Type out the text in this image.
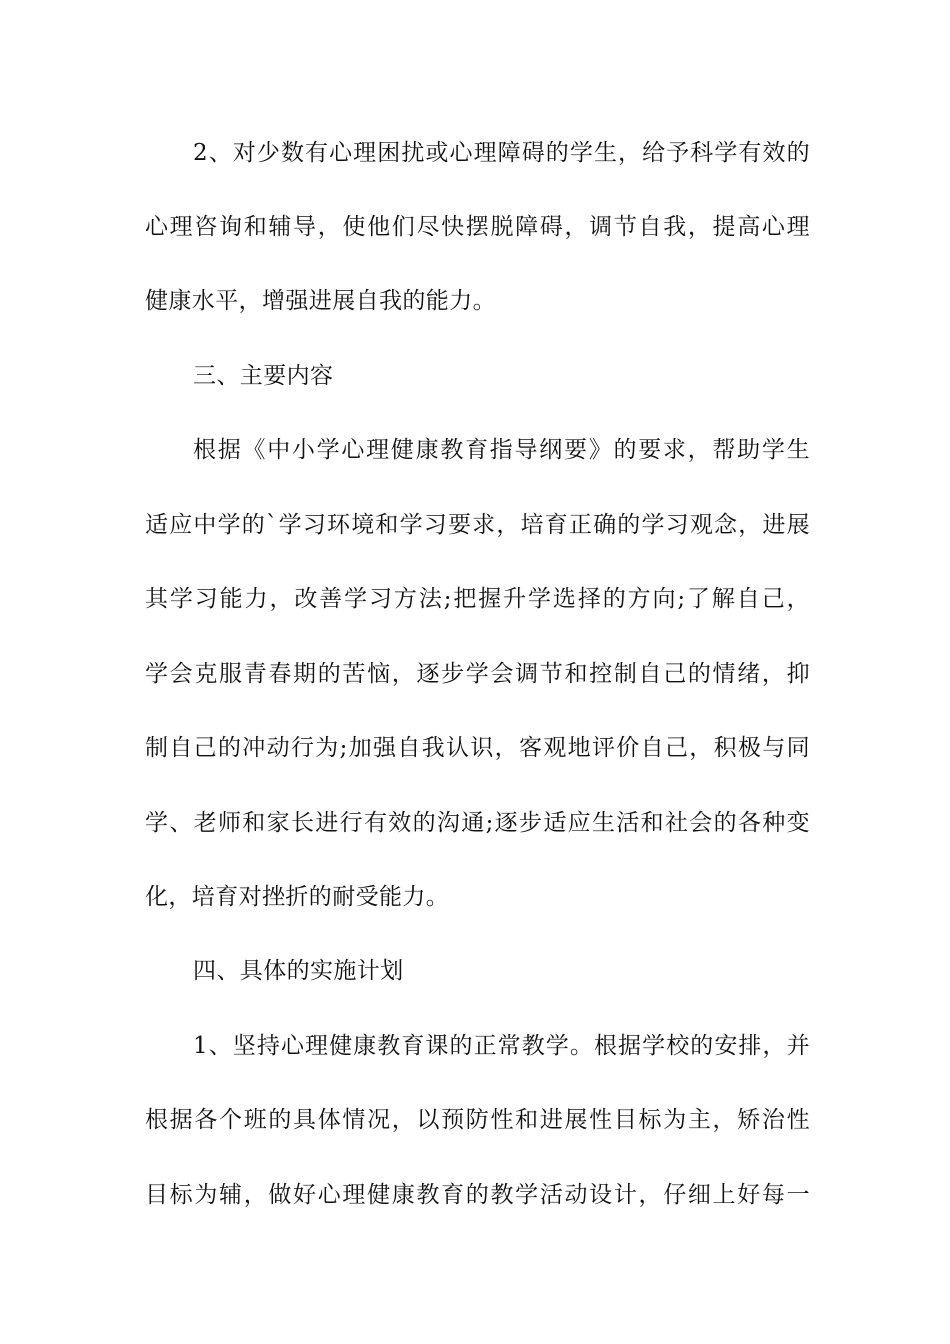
2、对少数有心理困扰或心理障碍的学生，给予科学有效的
心理咨询和辅导，使他们尽快摆脱障碍，调节自我，提高心理
健康水平，增强进展自我的能力。
三、主要内容
根据《中小学心理健康教育指导纲要》的要求，帮助学生
适应中学的`学习环境和学习要求，培育正确的学习观念，进展
其学习能力，改善学习方法;把握升学选择的方向;了解自己，
学会克服青春期的苦恼，逐步学会调节和控制自己的情绪，抑
制自己的冲动行为;加强自我认识，客观地评价自己，积极与同
学、老师和家长进行有效的沟通;逐步适应生活和社会的各种变
化，培育对挫折的耐受能力。
四、具体的实施计划
1、坚持心理健康教育课的正常教学。根据学校的安排，并
根据各个班的具体情况，以预防性和进展性目标为主，矫治性
目标为辅，做好心理健康教育的教学活动设计，仔细上好每一
